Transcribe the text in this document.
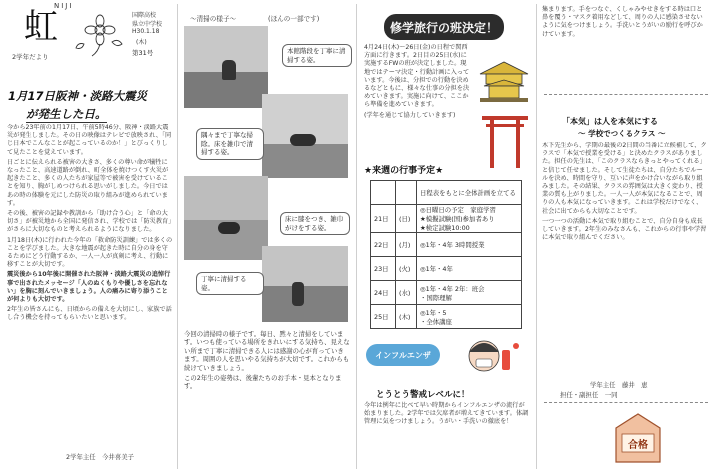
NIJI
虹	国際高校
県立中学校
H30.1.18
(木)
第31号
2学年だより
1月17日阪神・淡路大震災
が発生した日。

今から23年前の1月17日、午前5時46分、阪神・淡路大震災が発生しました。その日の映像はテレビで放映され、「同じ日本でこんなことが起こっているのか！」とびっくりして見たことを覚えています。

日ごとに伝えられる被害の大きさ、多くの尊い命が犠牲になったこと、高速道路が倒れ、町全体を焼けつくす火災が起きたこと、多くの人たちが家屋等で被害を受けていることを知り、胸がしめつけられる思いがしました。今日ではあの時の体験を元にした防災の取り組みが進められています。

その後、被害の記録や教訓から「助け合う心」と「命の大切さ」が被災地から全国に発信され、学校では「防災教育」がさらに大切なものと考えられるようになりました。

1月18日(木)に行われた今年の「救命防災訓練」では多くのことを学びました。大きな地震が起きた時に自分の身を守るためにどう行動するか、一人一人が真剣に考え、行動に移すことが大切です。

震災後から10年後に開催された阪神・淡路大震災の追悼行事で出されたメッセージ「人のぬくもりや優しさを忘れない」を胸に刻んでいきましょう。人の痛みに寄り添うことが何よりも大切です。

2年生の皆さんにも、日頃からの備えを大切にし、家族で話し合う機会を持ってもらいたいと思います。

2学年主任　今井喜美子
〜清掃の様子〜	(ほんの一部です)
本館階段を丁寧に清掃する姿。
隅々まで丁寧な掃除。床を雑巾で清掃する姿。
床に膝をつき、雑巾がけをする姿。
丁寧に清掃する姿。

今回の清掃時の様子です。毎日、黙々と清掃をしています。いつも使っている場所をきれいにする気持ち、見えない所まで丁寧に清掃できる人には感謝の心が育っていきます。周囲の人を思いやる気持ちが大切です。これからも続けていきましょう。

この2年生の姿勢は、後輩たちのお手本・見本となります。

修学旅行の班決定！

4月24日(木)〜26日(金)の日程で関西方面に行きます。2日目の25日(水)に実施するFWの班が決定しました。現地ではテーマ決定・行動計画に入っています。今後は、分担での行動を決めるなどともに、様々な仕事の分担を決めていきます。実施に向けて、ここから準備を進めていきます。

(学年を通じて協力していきます)

★来週の行事予定★
		日程表をもとに全体計画を立てる
21日	(日)	◎日曜日の予定　家庭学習
★模擬試験(国)参加者あり
★検定試験10:00
22日	(月)	◎1年・4年 3時間授業
23日	(火)	◎1年・4年
24日	(水)	◎1年・4年 2年：班会
・国際理解
25日	(木)	◎1年・5
・全体講座
インフルエンザ
とうとう警戒レベルに！

今年は例年に比べて早い時期からインフルエンザの流行が始まりました。2学年では欠席者が増えてきています。体調管理に気をつけましょう。うがい・手洗いの徹底を！

集まります。手をつなぐ、くしゃみやせきをする時は口と鼻を覆う・マスク着用などして、周りの人に感染させないように気をつけましょう。手洗いとうがいの励行を呼びかけています。

「本気」は人を本気にする
〜 学校でつくるクラス 〜

木下先生から、学期の最後の2日間の当番に立候補して、クラスで「本気で授業を受ける」と決めたクラスがありました。担任の先生は、「このクラスならきっとやってくれる」と信じて任せました。そして生徒たちは、自分たちでルールを決め、時間を守り、互いに声をかけ合いながら取り組みました。その結果、クラスの雰囲気は大きく変わり、授業の質も上がりました。一人一人が本気になることで、周りの人も本気になっていきます。これは学校だけでなく、社会に出てからも大切なことです。

一つ一つの活動に本気で取り組むことで、自分自身も成長していきます。2年生のみなさんも、これからの行事や学習に本気で取り組んでください。

学年主任　藤井　恵
担任・副担任　一同
合格
